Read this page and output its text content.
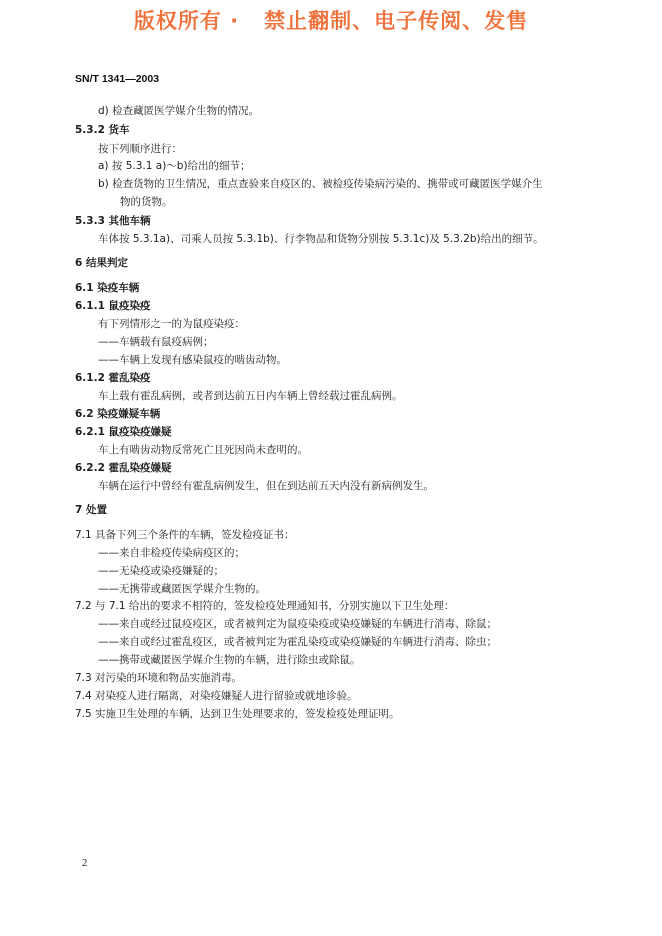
版权所有 ·   禁止翻制、电子传阅、发售
SN/T 1341—2003
d) 检查藏匿医学媒介生物的情况。
5.3.2 货车
按下列顺序进行：
a) 按 5.3.1 a)～b)给出的细节；
b) 检查货物的卫生情况，重点查验来自疫区的、被检疫传染病污染的、携带或可藏匿医学媒介生
物的货物。
5.3.3 其他车辆
车体按 5.3.1a)、司乘人员按 5.3.1b)、行李物品和货物分别按 5.3.1c)及 5.3.2b)给出的细节。
6 结果判定
6.1 染疫车辆
6.1.1 鼠疫染疫
有下列情形之一的为鼠疫染疫：
——车辆载有鼠疫病例；
——车辆上发现有感染鼠疫的啮齿动物。
6.1.2 霍乱染疫
车上载有霍乱病例，或者到达前五日内车辆上曾经载过霍乱病例。
6.2 染疫嫌疑车辆
6.2.1 鼠疫染疫嫌疑
车上有啮齿动物反常死亡且死因尚未查明的。
6.2.2 霍乱染疫嫌疑
车辆在运行中曾经有霍乱病例发生，但在到达前五天内没有新病例发生。
7 处置
7.1 具备下列三个条件的车辆，签发检疫证书：
——来自非检疫传染病疫区的；
——无染疫或染疫嫌疑的；
——无携带或藏匿医学媒介生物的。
7.2 与 7.1 给出的要求不相符的，签发检疫处理通知书，分别实施以下卫生处理：
——来自或经过鼠疫疫区，或者被判定为鼠疫染疫或染疫嫌疑的车辆进行消毒、除鼠；
——来自或经过霍乱疫区，或者被判定为霍乱染疫或染疫嫌疑的车辆进行消毒、除虫；
——携带或藏匿医学媒介生物的车辆，进行除虫或除鼠。
7.3 对污染的环境和物品实施消毒。
7.4 对染疫人进行隔离，对染疫嫌疑人进行留验或就地诊验。
7.5 实施卫生处理的车辆，达到卫生处理要求的，签发检疫处理证明。
2
